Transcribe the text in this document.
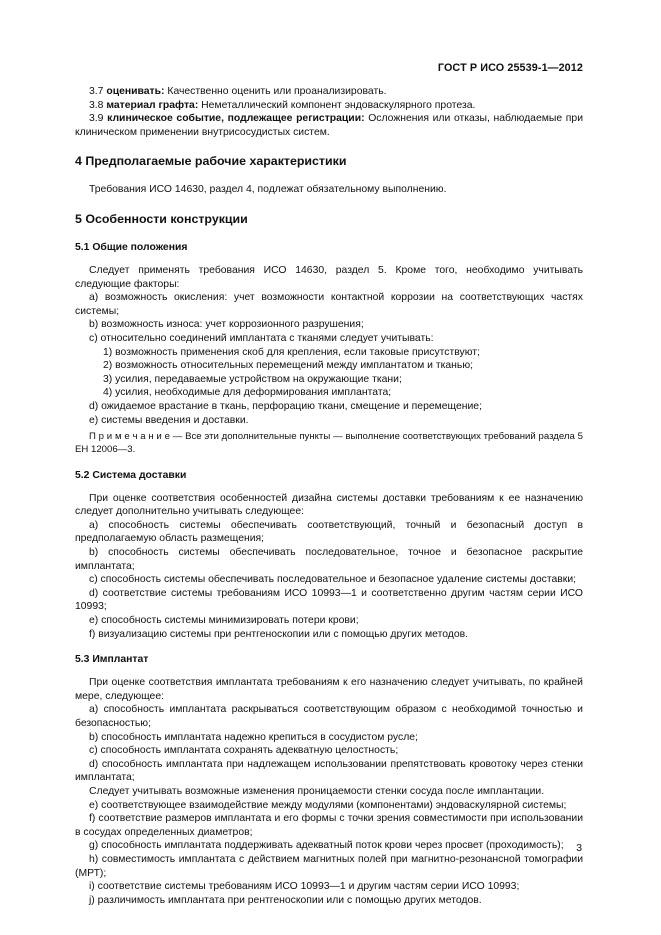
ГОСТ Р ИСО 25539-1—2012

3.7 оценивать: Качественно оценить или проанализировать.

3.8 материал графта: Неметаллический компонент эндоваскулярного протеза.

3.9 клиническое событие, подлежащее регистрации: Осложнения или отказы, наблюдаемые при клиническом применении внутрисосудистых систем.

4 Предполагаемые рабочие характеристики

Требования ИСО 14630, раздел 4, подлежат обязательному выполнению.

5 Особенности конструкции
5.1 Общие положения

Следует применять требования ИСО 14630, раздел 5. Кроме того, необходимо учитывать следующие факторы:

a) возможность окисления: учет возможности контактной коррозии на соответствующих частях системы;

b) возможность износа: учет коррозионного разрушения;

c) относительно соединений имплантата с тканями следует учитывать:

1) возможность применения скоб для крепления, если таковые присутствуют;

2) возможность относительных перемещений между имплантатом и тканью;

3) усилия, передаваемые устройством на окружающие ткани;

4) усилия, необходимые для деформирования имплантата;

d) ожидаемое врастание в ткань, перфорацию ткани, смещение и перемещение;

e) системы введения и доставки.

П р и м е ч а н и е — Все эти дополнительные пункты — выполнение соответствующих требований раздела 5 ЕН 12006—3.

5.2 Система доставки

При оценке соответствия особенностей дизайна системы доставки требованиям к ее назначению следует дополнительно учитывать следующее:

a) способность системы обеспечивать соответствующий, точный и безопасный доступ в предполагаемую область размещения;

b) способность системы обеспечивать последовательное, точное и безопасное раскрытие имплантата;

c) способность системы обеспечивать последовательное и безопасное удаление системы доставки;

d) соответствие системы требованиям ИСО 10993—1 и соответственно другим частям серии ИСО 10993;

e) способность системы минимизировать потери крови;

f) визуализацию системы при рентгеноскопии или с помощью других методов.

5.3 Имплантат

При оценке соответствия имплантата требованиям к его назначению следует учитывать, по крайней мере, следующее:

a) способность имплантата раскрываться соответствующим образом с необходимой точностью и безопасностью;

b) способность имплантата надежно крепиться в сосудистом русле;

c) способность имплантата сохранять адекватную целостность;

d) способность имплантата при надлежащем использовании препятствовать кровотоку через стенки имплантата;

Следует учитывать возможные изменения проницаемости стенки сосуда после имплантации.

e) соответствующее взаимодействие между модулями (компонентами) эндоваскулярной системы;

f) соответствие размеров имплантата и его формы с точки зрения совместимости при использовании в сосудах определенных диаметров;

g) способность имплантата поддерживать адекватный поток крови через просвет (проходимость);

h) совместимость имплантата с действием магнитных полей при магнитно-резонансной томографии (МРТ);

i) соответствие системы требованиям ИСО 10993—1 и другим частям серии ИСО 10993;

j) различимость имплантата при рентгеноскопии или с помощью других методов.

3
